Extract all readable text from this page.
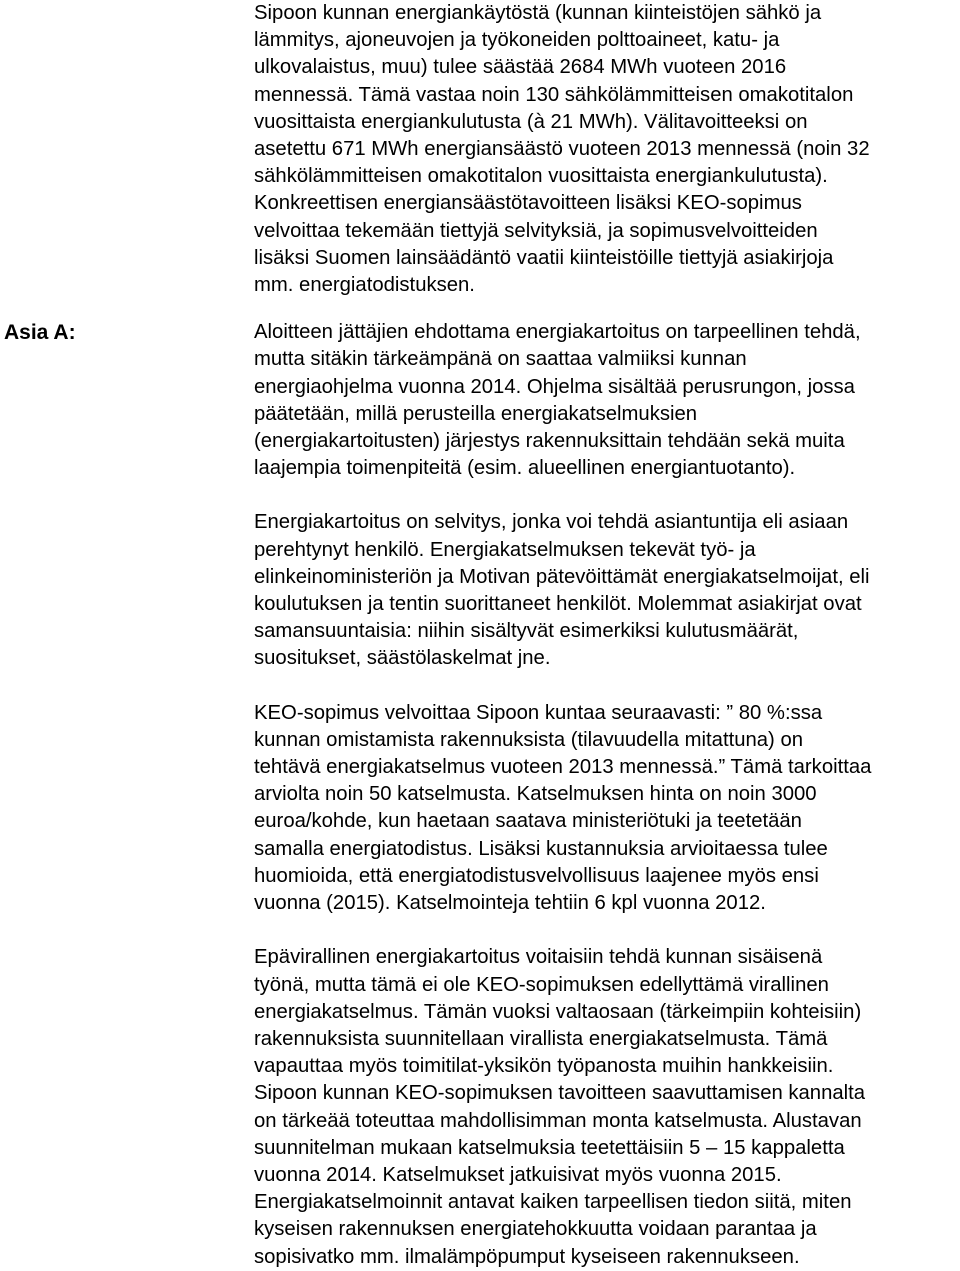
Sipoon kunnan energiankäytöstä (kunnan kiinteistöjen sähkö ja
lämmitys, ajoneuvojen ja työkoneiden polttoaineet, katu- ja
ulkovalaistus, muu) tulee säästää 2684 MWh vuoteen 2016
mennessä. Tämä vastaa noin 130 sähkölämmitteisen omakotitalon
vuosittaista energiankulutusta (à 21 MWh). Välitavoitteeksi on
asetettu 671 MWh energiansäästö vuoteen 2013 mennessä (noin 32
sähkölämmitteisen omakotitalon vuosittaista energiankulutusta).
Konkreettisen energiansäästötavoitteen lisäksi KEO-sopimus
velvoittaa tekemään tiettyjä selvityksiä, ja sopimusvelvoitteiden
lisäksi Suomen lainsäädäntö vaatii kiinteistöille tiettyjä asiakirjoja
mm. energiatodistuksen.

Asia A:	Aloitteen jättäjien ehdottama energiakartoitus on tarpeellinen tehdä,
mutta sitäkin tärkeämpänä on saattaa valmiiksi kunnan
energiaohjelma vuonna 2014. Ohjelma sisältää perusrungon, jossa
päätetään, millä perusteilla energiakatselmuksien
(energiakartoitusten) järjestys rakennuksittain tehdään sekä muita
laajempia toimenpiteitä (esim. alueellinen energiantuotanto).

Energiakartoitus on selvitys, jonka voi tehdä asiantuntija eli asiaan
perehtynyt henkilö. Energiakatselmuksen tekevät työ- ja
elinkeinoministeriön ja Motivan pätevöittämät energiakatselmoijat, eli
koulutuksen ja tentin suorittaneet henkilöt. Molemmat asiakirjat ovat
samansuuntaisia: niihin sisältyvät esimerkiksi kulutusmäärät,
suositukset, säästölaskelmat jne.

KEO-sopimus velvoittaa Sipoon kuntaa seuraavasti: ” 80 %:ssa
kunnan omistamista rakennuksista (tilavuudella mitattuna) on
tehtävä energiakatselmus vuoteen 2013 mennessä.” Tämä tarkoittaa
arviolta noin 50 katselmusta. Katselmuksen hinta on noin 3000
euroa/kohde, kun haetaan saatava ministeriötuki ja teetetään
samalla energiatodistus. Lisäksi kustannuksia arvioitaessa tulee
huomioida, että energiatodistusvelvollisuus laajenee myös ensi
vuonna (2015). Katselmointeja tehtiin 6 kpl vuonna 2012.

Epävirallinen energiakartoitus voitaisiin tehdä kunnan sisäisenä
työnä, mutta tämä ei ole KEO-sopimuksen edellyttämä virallinen
energiakatselmus. Tämän vuoksi valtaosaan (tärkeimpiin kohteisiin)
rakennuksista suunnitellaan virallista energiakatselmusta. Tämä
vapauttaa myös toimitilat-yksikön työpanosta muihin hankkeisiin.
Sipoon kunnan KEO-sopimuksen tavoitteen saavuttamisen kannalta
on tärkeää toteuttaa mahdollisimman monta katselmusta. Alustavan
suunnitelman mukaan katselmuksia teetettäisiin 5 – 15 kappaletta
vuonna 2014. Katselmukset jatkuisivat myös vuonna 2015.
Energiakatselmoinnit antavat kaiken tarpeellisen tiedon siitä, miten
kyseisen rakennuksen energiatehokkuutta voidaan parantaa ja
sopisivatko mm. ilmalämpöpumput kyseiseen rakennukseen.
